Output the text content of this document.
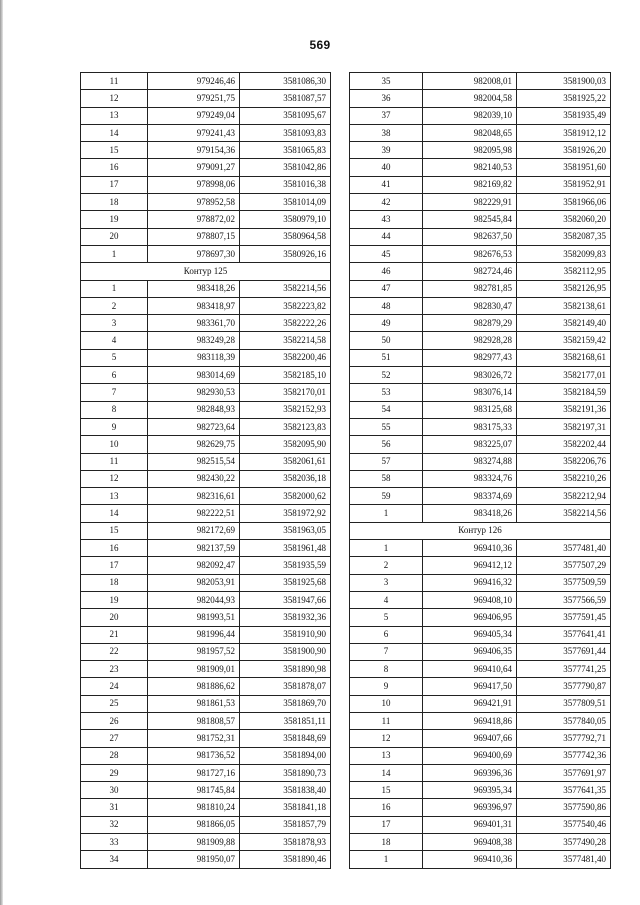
569
11	979246,46	3581086,30
12	979251,75	3581087,57
13	979249,04	3581095,67
14	979241,43	3581093,83
15	979154,36	3581065,83
16	979091,27	3581042,86
17	978998,06	3581016,38
18	978952,58	3581014,09
19	978872,02	3580979,10
20	978807,15	3580964,58
1	978697,30	3580926,16
Контур 125		
1	983418,26	3582214,56
2	983418,97	3582223,82
3	983361,70	3582222,26
4	983249,28	3582214,58
5	983118,39	3582200,46
6	983014,69	3582185,10
7	982930,53	3582170,01
8	982848,93	3582152,93
9	982723,64	3582123,83
10	982629,75	3582095,90
11	982515,54	3582061,61
12	982430,22	3582036,18
13	982316,61	3582000,62
14	982222,51	3581972,92
15	982172,69	3581963,05
16	982137,59	3581961,48
17	982092,47	3581935,59
18	982053,91	3581925,68
19	982044,93	3581947,66
20	981993,51	3581932,36
21	981996,44	3581910,90
22	981957,52	3581900,90
23	981909,01	3581890,98
24	981886,62	3581878,07
25	981861,53	3581869,70
26	981808,57	3581851,11
27	981752,31	3581848,69
28	981736,52	3581894,00
29	981727,16	3581890,73
30	981745,84	3581838,40
31	981810,24	3581841,18
32	981866,05	3581857,79
33	981909,88	3581878,93
34	981950,07	3581890,46
35	982008,01	3581900,03
36	982004,58	3581925,22
37	982039,10	3581935,49
38	982048,65	3581912,12
39	982095,98	3581926,20
40	982140,53	3581951,60
41	982169,82	3581952,91
42	982229,91	3581966,06
43	982545,84	3582060,20
44	982637,50	3582087,35
45	982676,53	3582099,83
46	982724,46	3582112,95
47	982781,85	3582126,95
48	982830,47	3582138,61
49	982879,29	3582149,40
50	982928,28	3582159,42
51	982977,43	3582168,61
52	983026,72	3582177,01
53	983076,14	3582184,59
54	983125,68	3582191,36
55	983175,33	3582197,31
56	983225,07	3582202,44
57	983274,88	3582206,76
58	983324,76	3582210,26
59	983374,69	3582212,94
1	983418,26	3582214,56
Контур 126		
1	969410,36	3577481,40
2	969412,12	3577507,29
3	969416,32	3577509,59
4	969408,10	3577566,59
5	969406,95	3577591,45
6	969405,34	3577641,41
7	969406,35	3577691,44
8	969410,64	3577741,25
9	969417,50	3577790,87
10	969421,91	3577809,51
11	969418,86	3577840,05
12	969407,66	3577792,71
13	969400,69	3577742,36
14	969396,36	3577691,97
15	969395,34	3577641,35
16	969396,97	3577590,86
17	969401,31	3577540,46
18	969408,38	3577490,28
1	969410,36	3577481,40
